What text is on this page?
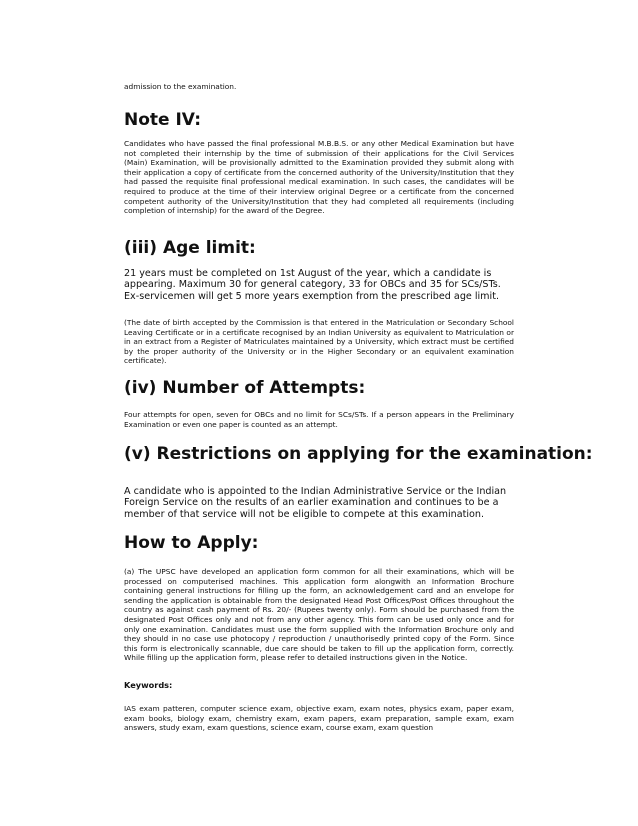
admission to the examination.

Note IV:

Candidates who have passed the final professional M.B.B.S. or any other Medical Examination but have not completed their internship by the time of submission of their applications for the Civil Services (Main) Examination, will be provisionally admitted to the Examination provided they submit along with their application a copy of certificate from the concerned authority of the University/Institution that they had passed the requisite final professional medical examination. In such cases, the candidates will be required to produce at the time of their interview original Degree or a certificate from the concerned competent authority of the University/Institution that they had completed all requirements (including completion of internship) for the award of the Degree.

(iii) Age limit:

21 years must be completed on 1st August of the year, which a candidate is appearing. Maximum 30 for general category, 33 for OBCs and 35 for SCs/STs. Ex-servicemen will get 5 more years exemption from the prescribed age limit.

(The date of birth accepted by the Commission is that entered in the Matriculation or Secondary School Leaving Certificate or in a certificate recognised by an Indian University as equivalent to Matriculation or in an extract from a Register of Matriculates maintained by a University, which extract must be certified by the proper authority of the University or in the Higher Secondary or an equivalent examination certificate).

(iv) Number of Attempts:

Four attempts for open, seven for OBCs and no limit for SCs/STs. If a person appears in the Preliminary Examination or even one paper is counted as an attempt.

(v) Restrictions on applying for the examination:

A candidate who is appointed to the Indian Administrative Service or the Indian Foreign Service on the results of an earlier examination and continues to be a member of that service will not be eligible to compete at this examination.

How to Apply:

(a) The UPSC have developed an application form common for all their examinations, which will be processed on computerised machines. This application form alongwith an Information Brochure containing general instructions for filling up the form, an acknowledgement card and an envelope for sending the application is obtainable from the designated Head Post Offices/Post Offices throughout the country as against cash payment of Rs. 20/- (Rupees twenty only). Form should be purchased from the designated Post Offices only and not from any other agency. This form can be used only once and for only one examination. Candidates must use the form supplied with the Information Brochure only and they should in no case use photocopy / reproduction / unauthorisedly printed copy of the Form. Since this form is electronically scannable, due care should be taken to fill up the application form, correctly. While filling up the application form, please refer to detailed instructions given in the Notice.

Keywords:

IAS exam patteren, computer science exam, objective exam, exam notes, physics exam, paper exam, exam books, biology exam, chemistry exam, exam papers, exam preparation, sample exam, exam answers, study exam, exam questions, science exam, course exam, exam question
